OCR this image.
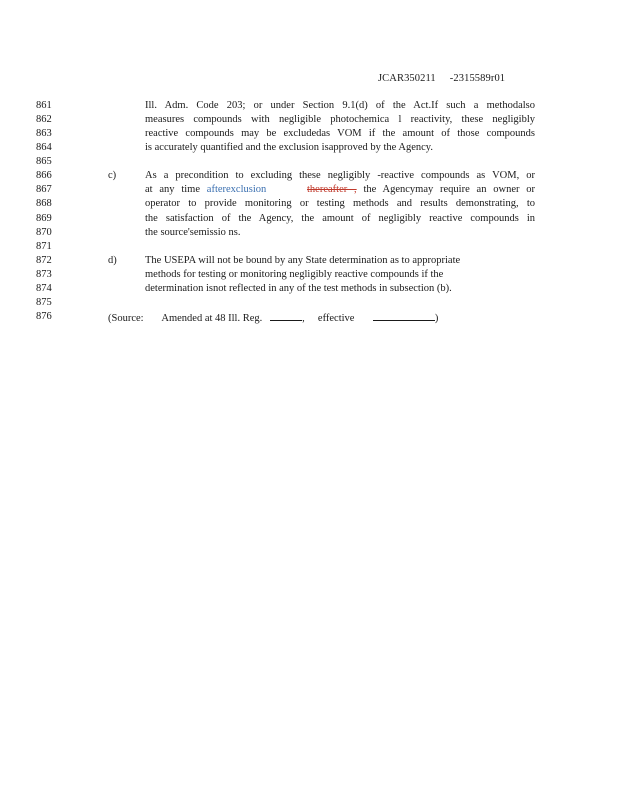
JCAR350211 -2315589r01
861	Ill. Adm. Code 203; or under Section 9.1(d) of the Act.If such a methodalso
862	measures compounds with negligible photochemica l reactivity, these negligibly
863	reactive compounds may be excludedas VOM if the amount of those compounds
864	is accurately quantified and the exclusion isapproved by the Agency.
865
866	c)	As a precondition to excluding these negligibly -reactive compounds as VOM, or
867
868	operator to provide monitoring or testing methods and results demonstrating, to
869	the satisfaction of the Agency, the amount of negligibly reactive compounds in
870	the source'semissio ns.
871
872	d)	The USEPA will not be bound by any State determination as to appropriate
873	methods for testing or monitoring negligibly reactive compounds if the
874	determination isnot reflected in any of the test methods in subsection (b).
875
876
at any time afterexclusion	thereafter , the Agencymay require an owner or
(Source: Amended at 48 Ill. Reg.	, effective	)
